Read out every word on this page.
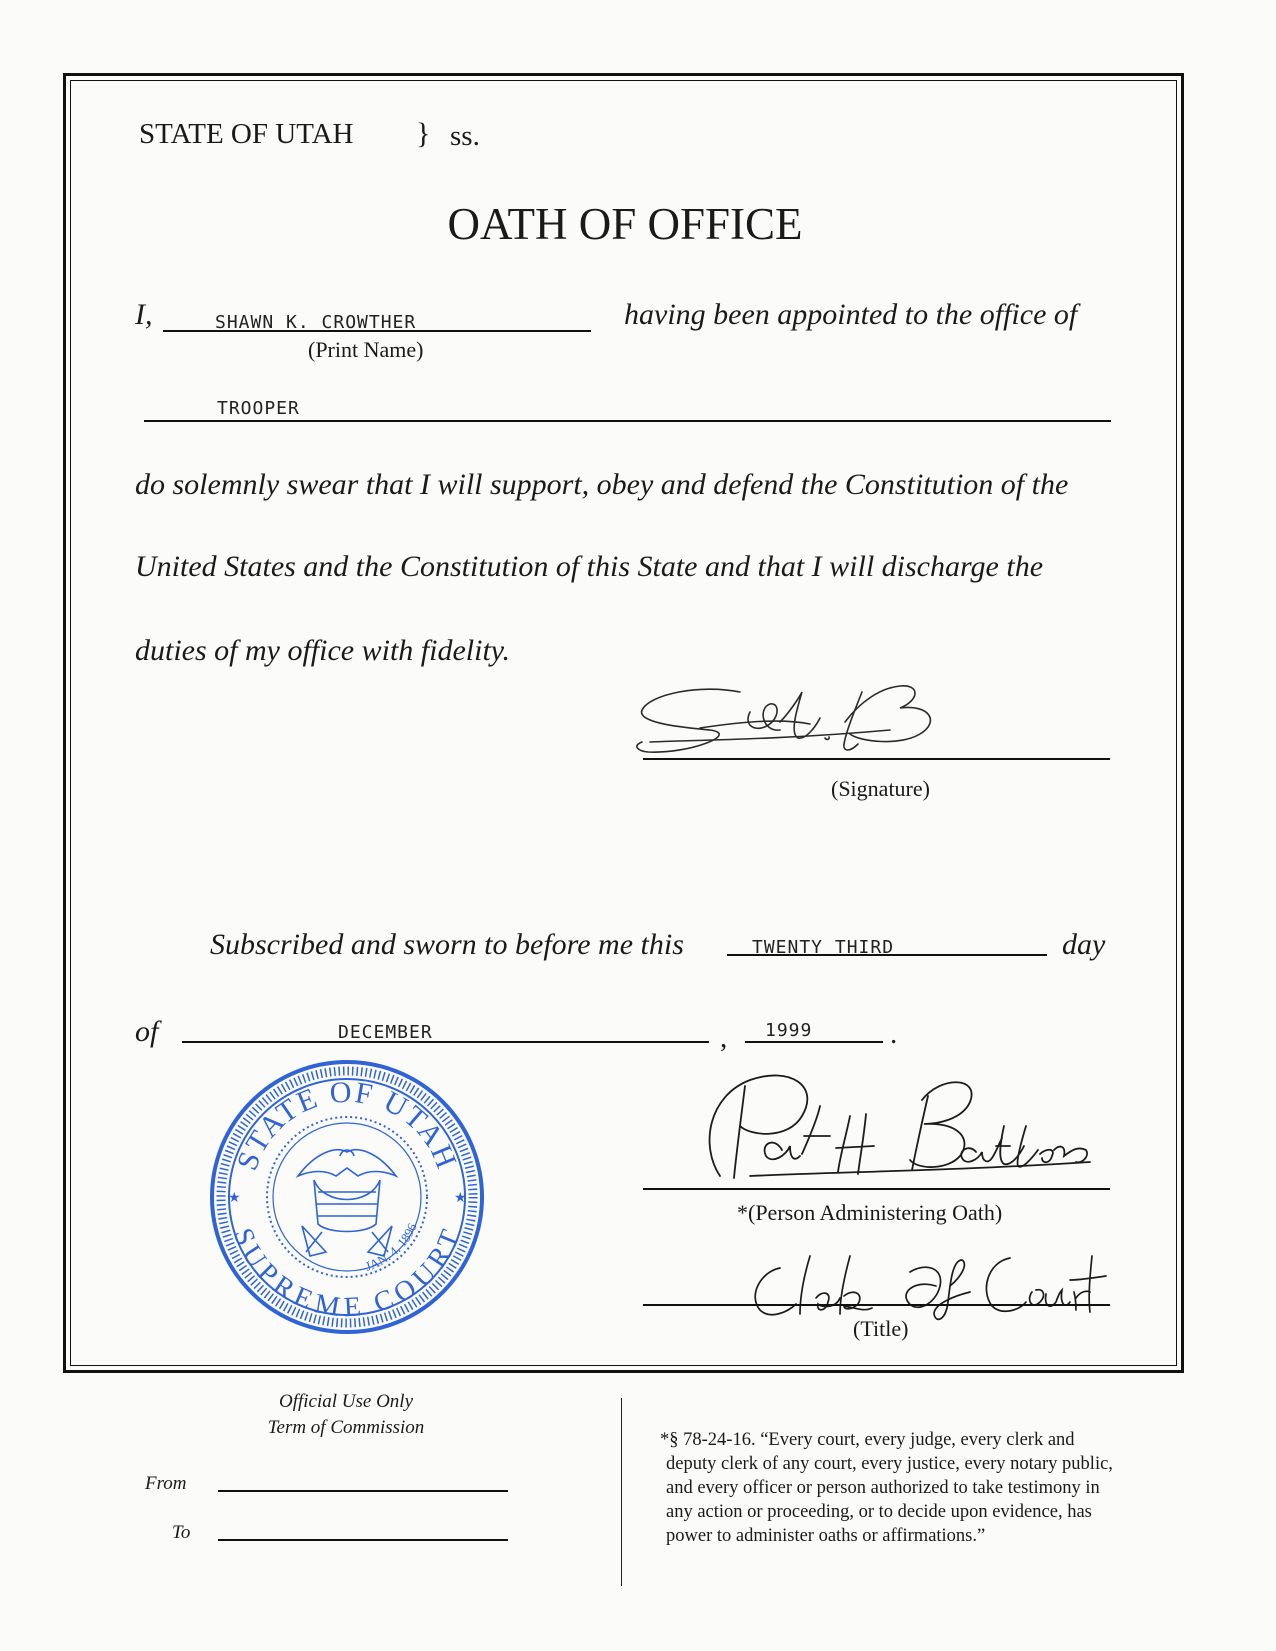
STATE OF UTAH } ss.
OATH OF OFFICE
I,	SHAWN K. CROWTHER
(Print Name)
having been appointed to the office of
TROOPER
do solemnly swear that I will support, obey and defend the Constitution of the
United States and the Constitution of this State and that I will discharge the
duties of my office with fidelity.
(Signature)
Subscribed and sworn to before me this	TWENTY THIRD	day
of	DECEMBER	, 1999	.
STATE OF UTAH
SUPREME COURT
JAN. 4. 1896
★	★
*(Person Administering Oath)
(Title)
Official Use Only
Term of Commission
From
To
*§ 78-24-16. “Every court, every judge, every clerk and
deputy clerk of any court, every justice, every notary public,
and every officer or person authorized to take testimony in
any action or proceeding, or to decide upon evidence, has
power to administer oaths or affirmations.”
